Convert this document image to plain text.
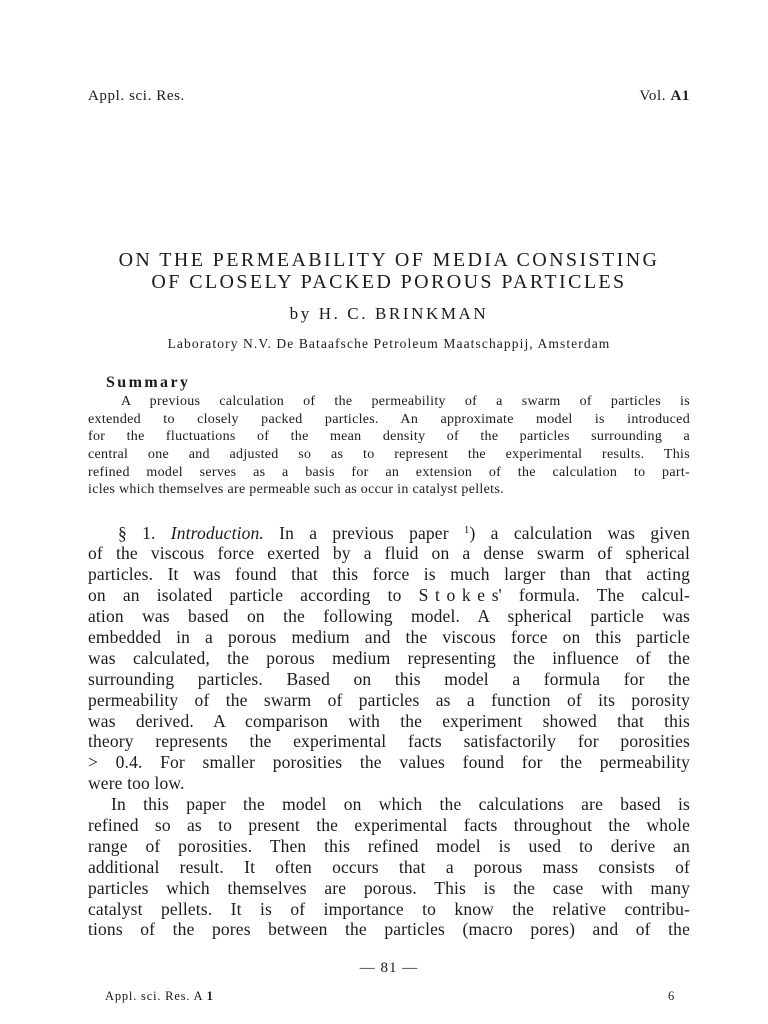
Appl. sci. Res.	Vol. A1
ON THE PERMEABILITY OF MEDIA CONSISTING
OF CLOSELY PACKED POROUS PARTICLES
by H. C. BRINKMAN
Laboratory N.V. De Bataafsche Petroleum Maatschappij, Amsterdam
Summary
A previous calculation of the permeability of a swarm of particles is
extended to closely packed particles. An approximate model is introduced
for the fluctuations of the mean density of the particles surrounding a
central one and adjusted so as to represent the experimental results. This
refined model serves as a basis for an extension of the calculation to part-
icles which themselves are permeable such as occur in catalyst pellets.
§ 1. Introduction. In a previous paper $^1$) a calculation was given
of the viscous force exerted by a fluid on a dense swarm of spherical
particles. It was found that this force is much larger than that acting
on an isolated particle according to Stokes' formula. The calcul-
ation was based on the following model. A spherical particle was
embedded in a porous medium and the viscous force on this particle
was calculated, the porous medium representing the influence of the
surrounding particles. Based on this model a formula for the
permeability of the swarm of particles as a function of its porosity
was derived. A comparison with the experiment showed that this
theory represents the experimental facts satisfactorily for porosities
> 0.4. For smaller porosities the values found for the permeability
were too low.
In this paper the model on which the calculations are based is
refined so as to present the experimental facts throughout the whole
range of porosities. Then this refined model is used to derive an
additional result. It often occurs that a porous mass consists of
particles which themselves are porous. This is the case with many
catalyst pellets. It is of importance to know the relative contribu-
tions of the pores between the particles (macro pores) and of the
— 81 —
Appl. sci. Res. A 1	6
